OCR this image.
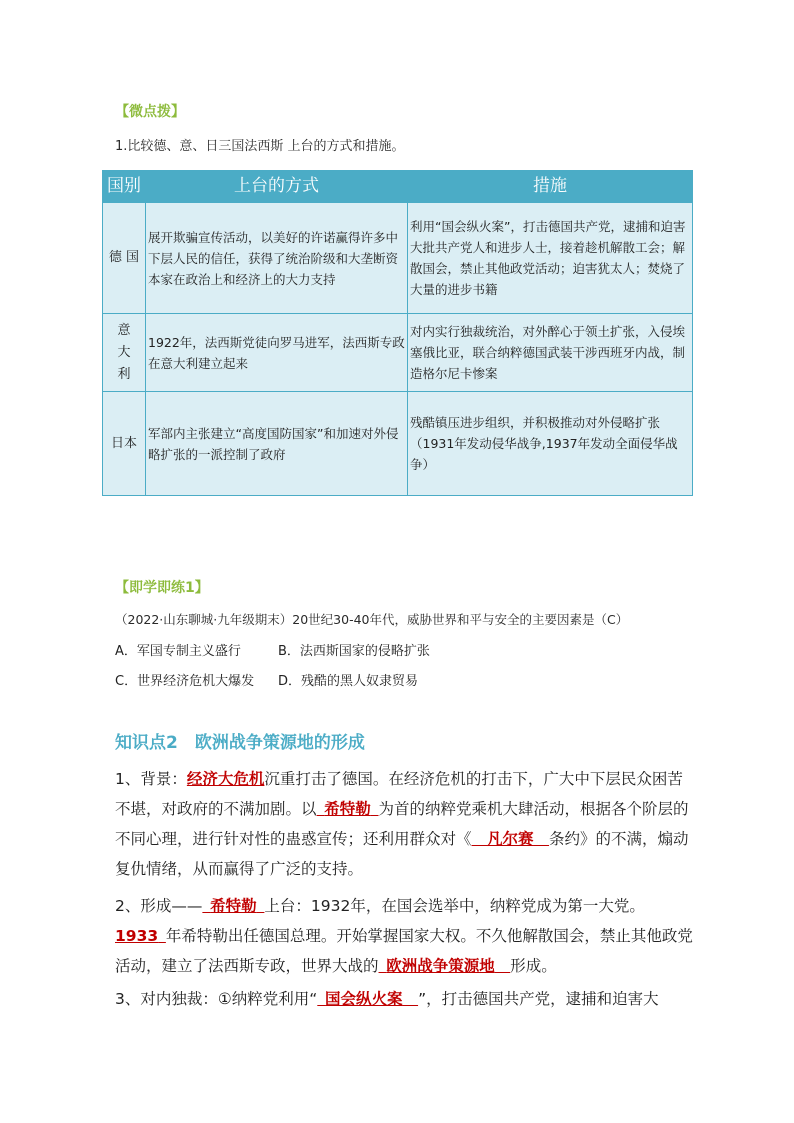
【微点拨】
1.比较德、意、日三国法西斯 上台的方式和措施。
国别	上台的方式	措施
德 国	展开欺骗宣传活动，以美好的许诺赢得许多中下层人民的信任，获得了统治阶级和大垄断资本家在政治上和经济上的大力支持	利用“国会纵火案”，打击德国共产党，逮捕和迫害大批共产党人和进步人士，接着趁机解散工会；解散国会，禁止其他政党活动；迫害犹太人；焚烧了大量的进步书籍
意大利	1922年，法西斯党徒向罗马进军，法西斯专政在意大利建立起来	对内实行独裁统治，对外醉心于领土扩张，入侵埃塞俄比亚，联合纳粹德国武装干涉西班牙内战，制造格尔尼卡惨案
日本	军部内主张建立“高度国防国家”和加速对外侵略扩张的一派控制了政府	残酷镇压进步组织，并积极推动对外侵略扩张（1931年发动侵华战争,1937年发动全面侵华战争）
【即学即练1】
（2022·山东聊城·九年级期末）20世纪30-40年代，威胁世界和平与安全的主要因素是（C）
A．军国专制主义盛行	B．法西斯国家的侵略扩张
C．世界经济危机大爆发 D．残酷的黑人奴隶贸易
知识点2　欧洲战争策源地的形成
1、背景：经济大危机沉重打击了德国。在经济危机的打击下，广大中下层民众困苦不堪，对政府的不满加剧。以  希特勒  为首的纳粹党乘机大肆活动，根据各个阶层的不同心理，进行针对性的蛊惑宣传；还利用群众对《   凡尔赛   条约》的不满，煽动复仇情绪，从而赢得了广泛的支持。
2、形成——  希特勒  上台：1932年，在国会选举中，纳粹党成为第一大党。1933  年希特勒出任德国总理。开始掌握国家大权。不久他解散国会，禁止其他政党活动，建立了法西斯专政，世界大战的  欧洲战争策源地   形成。
3、对内独裁：①纳粹党利用“  国会纵火案   ”，打击德国共产党，逮捕和迫害大
